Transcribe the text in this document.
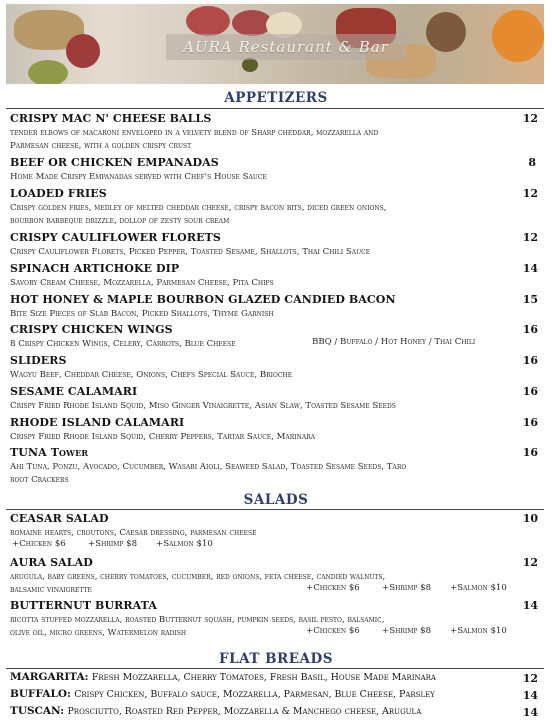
AURA Restaurant & Bar
APPETIZERS
CRISPY MAC N' CHEESE BALLS	12
tender elbows of macaroni enveloped in a velvety blend of Sharp cheddar, mozzarella and
Parmesan cheese, with a golden crispy crust
BEEF OR CHICKEN EMPANADAS	8
Home Made Crispy Empanadas served with Chef's House Sauce
LOADED FRIES	12
Crispy golden fries, medley of melted cheddar cheese, crispy bacon bits, diced green onions,
bourbon barbeque drizzle, dollop of zesty sour cream
CRISPY CAULIFLOWER FLORETS	12
Crispy Cauliflower Florets, Picked Pepper, Toasted Sesame, Shallots, Thai Chili Sauce
SPINACH ARTICHOKE DIP	14
Savory Cream Cheese, Mozzarella, Parmesan Cheese, Pita Chips
HOT HONEY & MAPLE BOURBON GLAZED CANDIED BACON	15
Bite Size Pieces of Slab Bacon, Picked Shallots, Thyme Garnish
CRISPY CHICKEN WINGS	16
8 Crispy Chicken Wings, Celery, Carrots, Blue Cheese	BBQ / Buffalo / Hot Honey / Thai Chili
SLIDERS	16
Wagyu Beef, Cheddar Cheese, Onions, Chefs Special Sauce, Brioche
SESAME CALAMARI	16
Crispy Fried Rhode Island Squid, Miso Ginger Vinaigrette, Asian Slaw, Toasted Sesame Seeds
RHODE ISLAND CALAMARI	16
Crispy Fried Rhode Island Squid, Cherry Peppers, Tartar Sauce, Marinara
TUNA Tower	16
Ahi Tuna, Ponzu, Avocado, Cucumber, Wasabi Aioli, Seaweed Salad, Toasted Sesame Seeds, Taro
root Crackers
SALADS
CEASAR SALAD	10
romaine hearts, croutons, Caesar dressing, parmesan cheese
+Chicken $6	+Shrimp $8 +Salmon $10
AURA SALAD	12
arugula, baby greens, cherry tomatoes, cucumber, red onions, feta cheese, candied walnuts,
balsamic vinaigrette	+Chicken $6	+Shrimp $8 +Salmon $10
BUTTERNUT BURRATA	14
ricotta stuffed mozzarella, roasted Butternut squash, pumpkin seeds, basil pesto, balsamic,
olive oil, micro greens, Watermelon radish	+Chicken $6	+Shrimp $8 +Salmon $10
FLAT BREADS
MARGARITA: Fresh Mozzarella, Cherry Tomatoes, Fresh Basil, House Made Marinara	12
BUFFALO: Crispy Chicken, Buffalo sauce, Mozzarella, Parmesan, Blue Cheese, Parsley	14
TUSCAN: Prosciutto, Roasted Red Pepper, Mozzarella & Manchego cheese, Arugula	14
